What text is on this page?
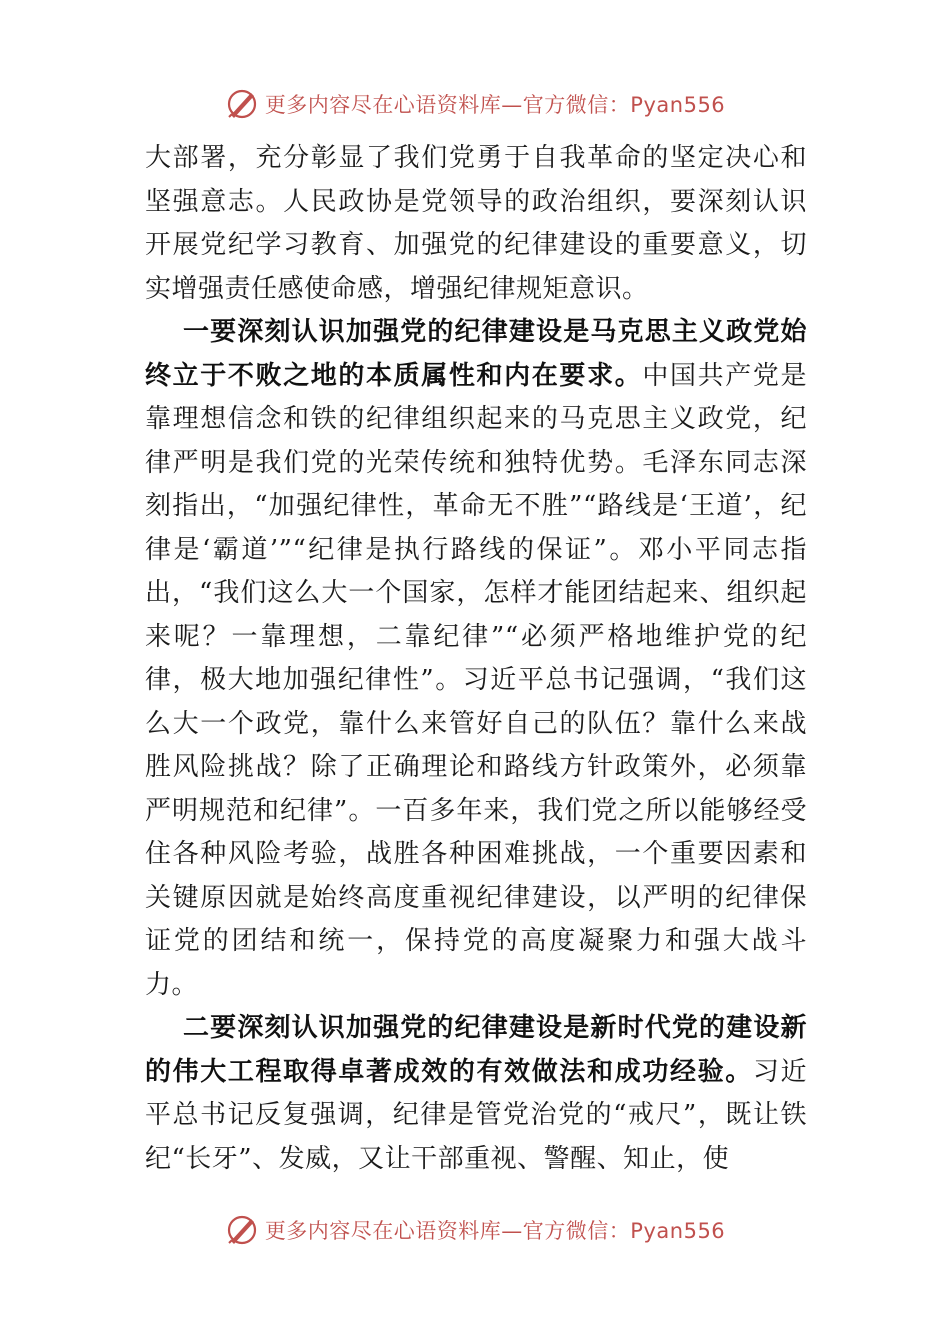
更多内容尽在心语资料库—官方微信：Pyan556

大部署，充分彰显了我们党勇于自我革命的坚定决心和坚强意志。人民政协是党领导的政治组织，要深刻认识开展党纪学习教育、加强党的纪律建设的重要意义，切实增强责任感使命感，增强纪律规矩意识。

一要深刻认识加强党的纪律建设是马克思主义政党始终立于不败之地的本质属性和内在要求。中国共产党是靠理想信念和铁的纪律组织起来的马克思主义政党，纪律严明是我们党的光荣传统和独特优势。毛泽东同志深刻指出，“加强纪律性，革命无不胜”“路线是‘王道’，纪律是‘霸道’”“纪律是执行路线的保证”。邓小平同志指出，“我们这么大一个国家，怎样才能团结起来、组织起来呢？一靠理想，二靠纪律”“必须严格地维护党的纪律，极大地加强纪律性”。习近平总书记强调，“我们这么大一个政党，靠什么来管好自己的队伍？靠什么来战胜风险挑战？除了正确理论和路线方针政策外，必须靠严明规范和纪律”。一百多年来，我们党之所以能够经受住各种风险考验，战胜各种困难挑战，一个重要因素和关键原因就是始终高度重视纪律建设，以严明的纪律保证党的团结和统一，保持党的高度凝聚力和强大战斗力。

二要深刻认识加强党的纪律建设是新时代党的建设新的伟大工程取得卓著成效的有效做法和成功经验。习近平总书记反复强调，纪律是管党治党的“戒尺”，既让铁纪“长牙”、发威，又让干部重视、警醒、知止，使

更多内容尽在心语资料库—官方微信：Pyan556
